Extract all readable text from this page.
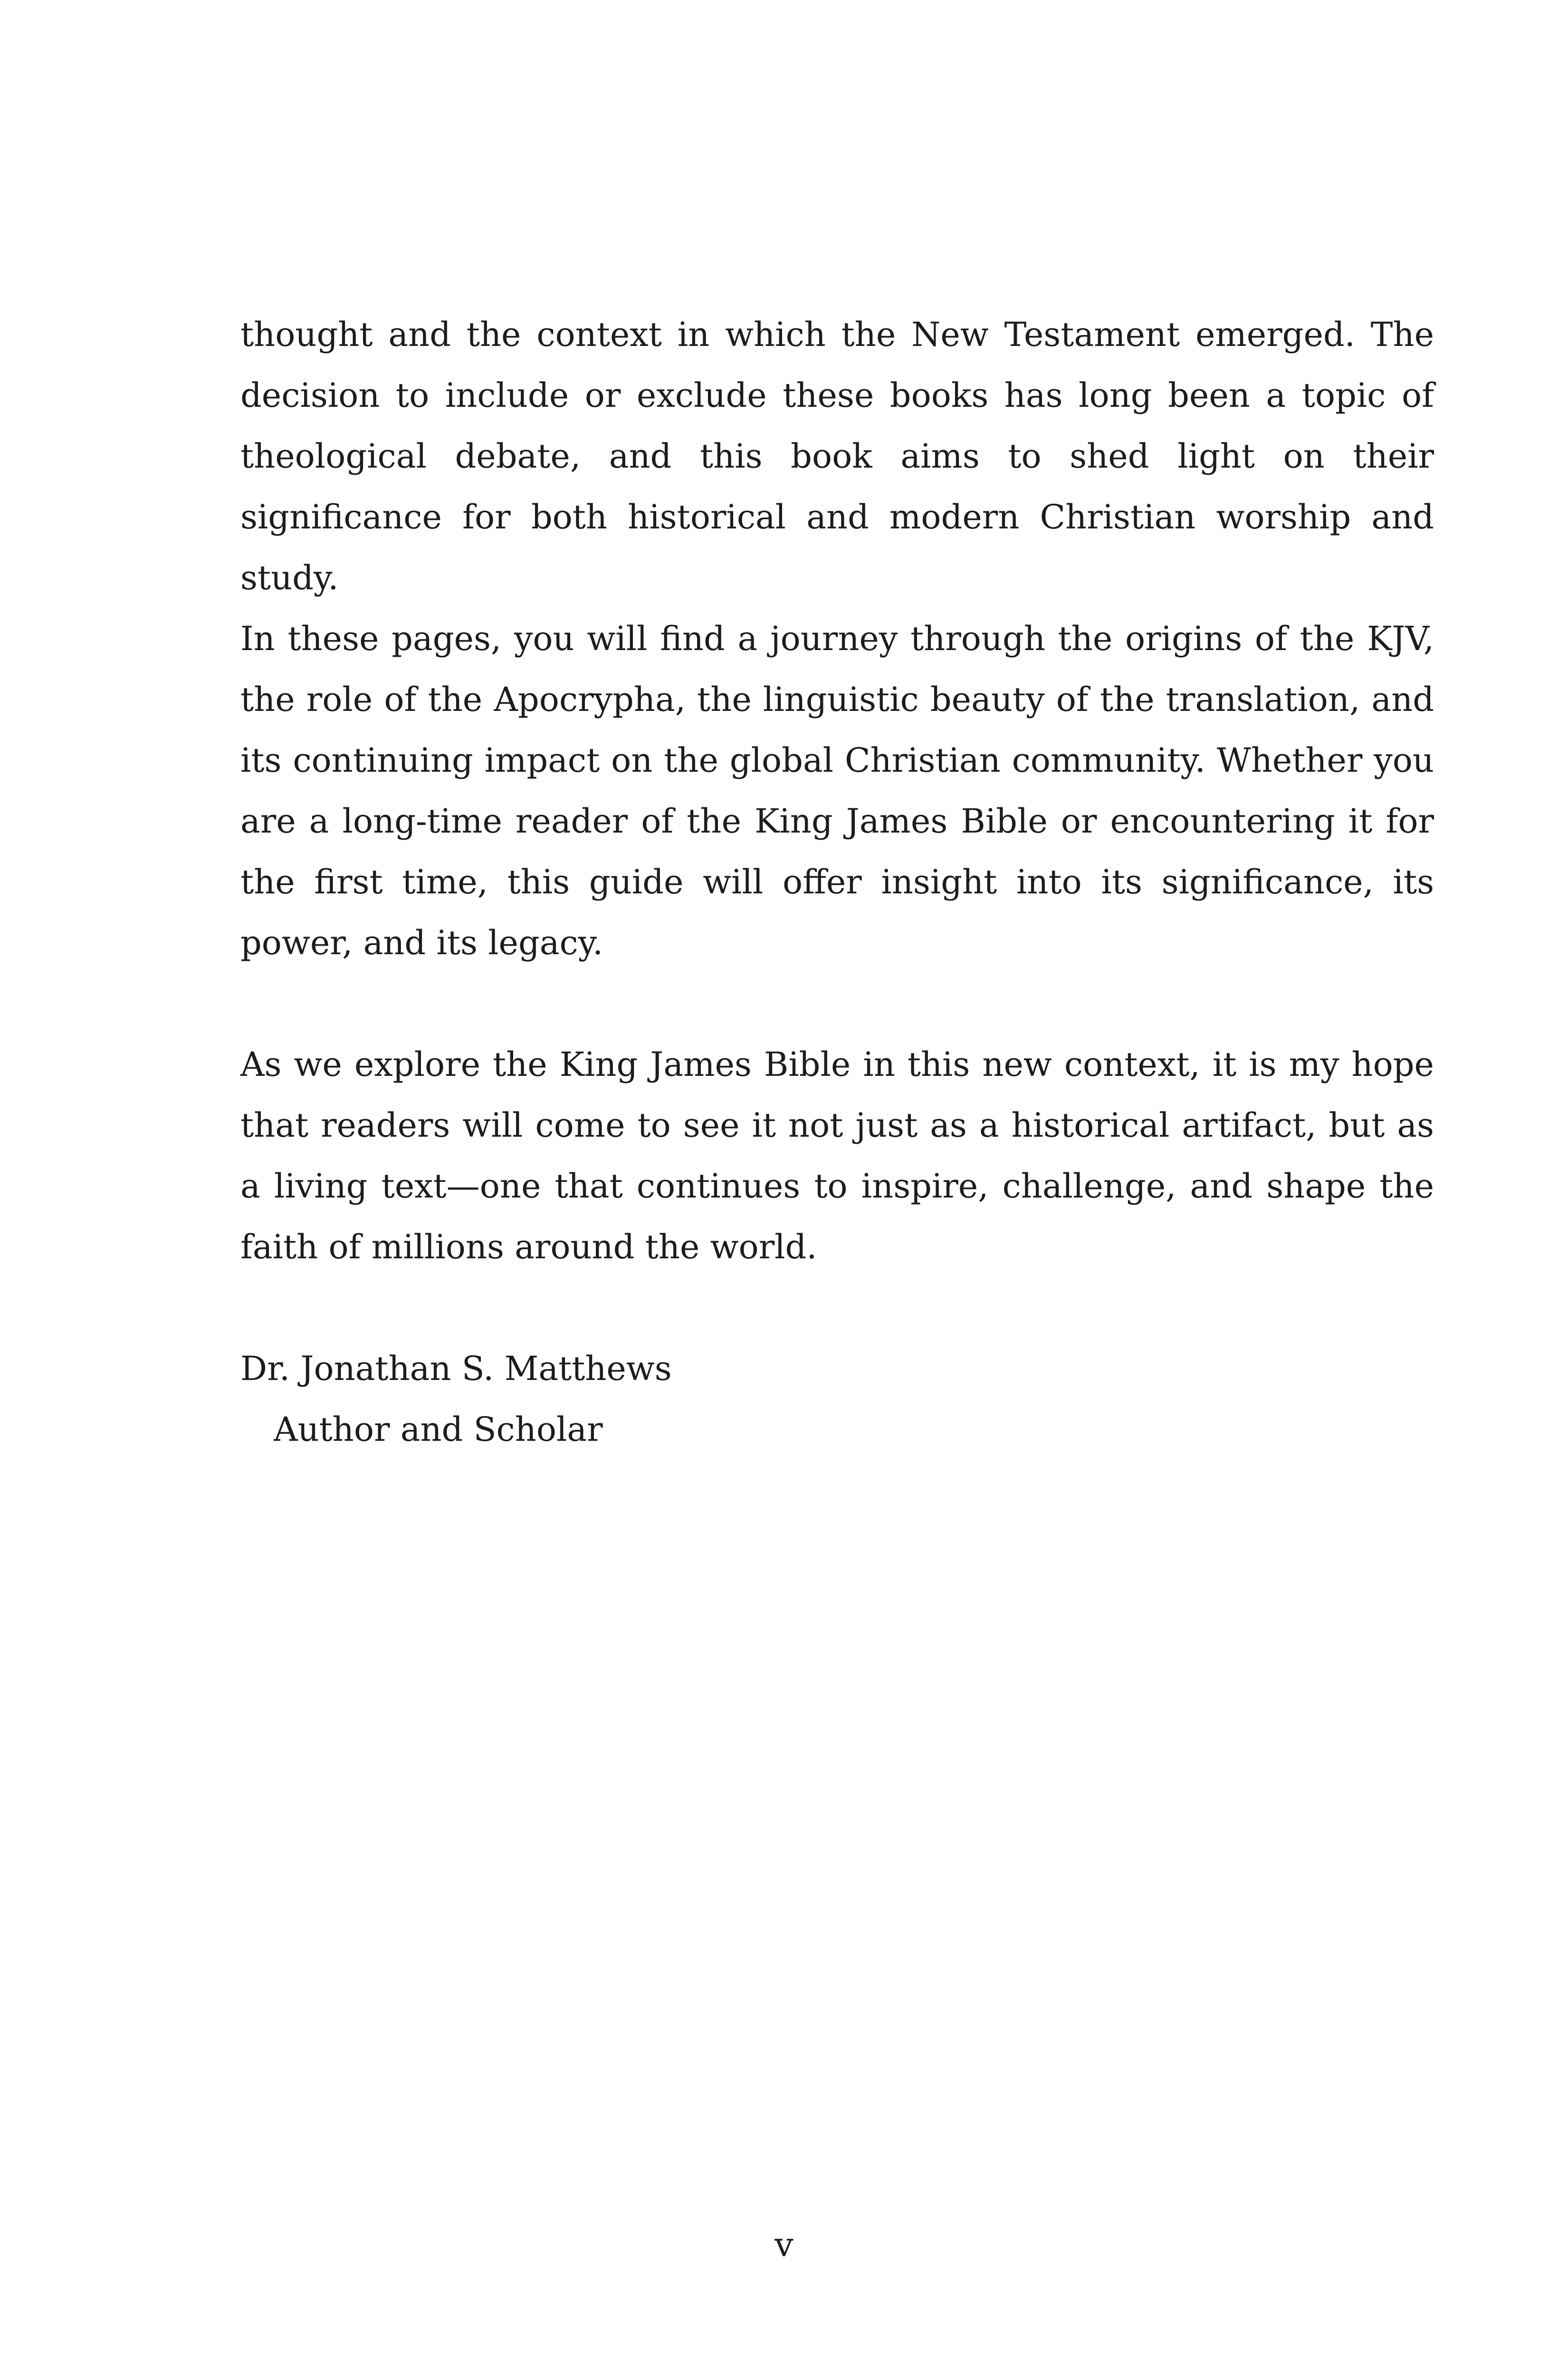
thought and the context in which the New Testament emerged. The decision to include or exclude these books has long been a topic of theological debate, and this book aims to shed light on their significance for both historical and modern Christian worship and study.

In these pages, you will find a journey through the origins of the KJV, the role of the Apocrypha, the linguistic beauty of the translation, and its continuing impact on the global Christian community. Whether you are a long-time reader of the King James Bible or encountering it for the first time, this guide will offer insight into its significance, its power, and its legacy.

As we explore the King James Bible in this new context, it is my hope that readers will come to see it not just as a historical artifact, but as a living text—one that continues to inspire, challenge, and shape the faith of millions around the world.

Dr. Jonathan S. Matthews
Author and Scholar
v
